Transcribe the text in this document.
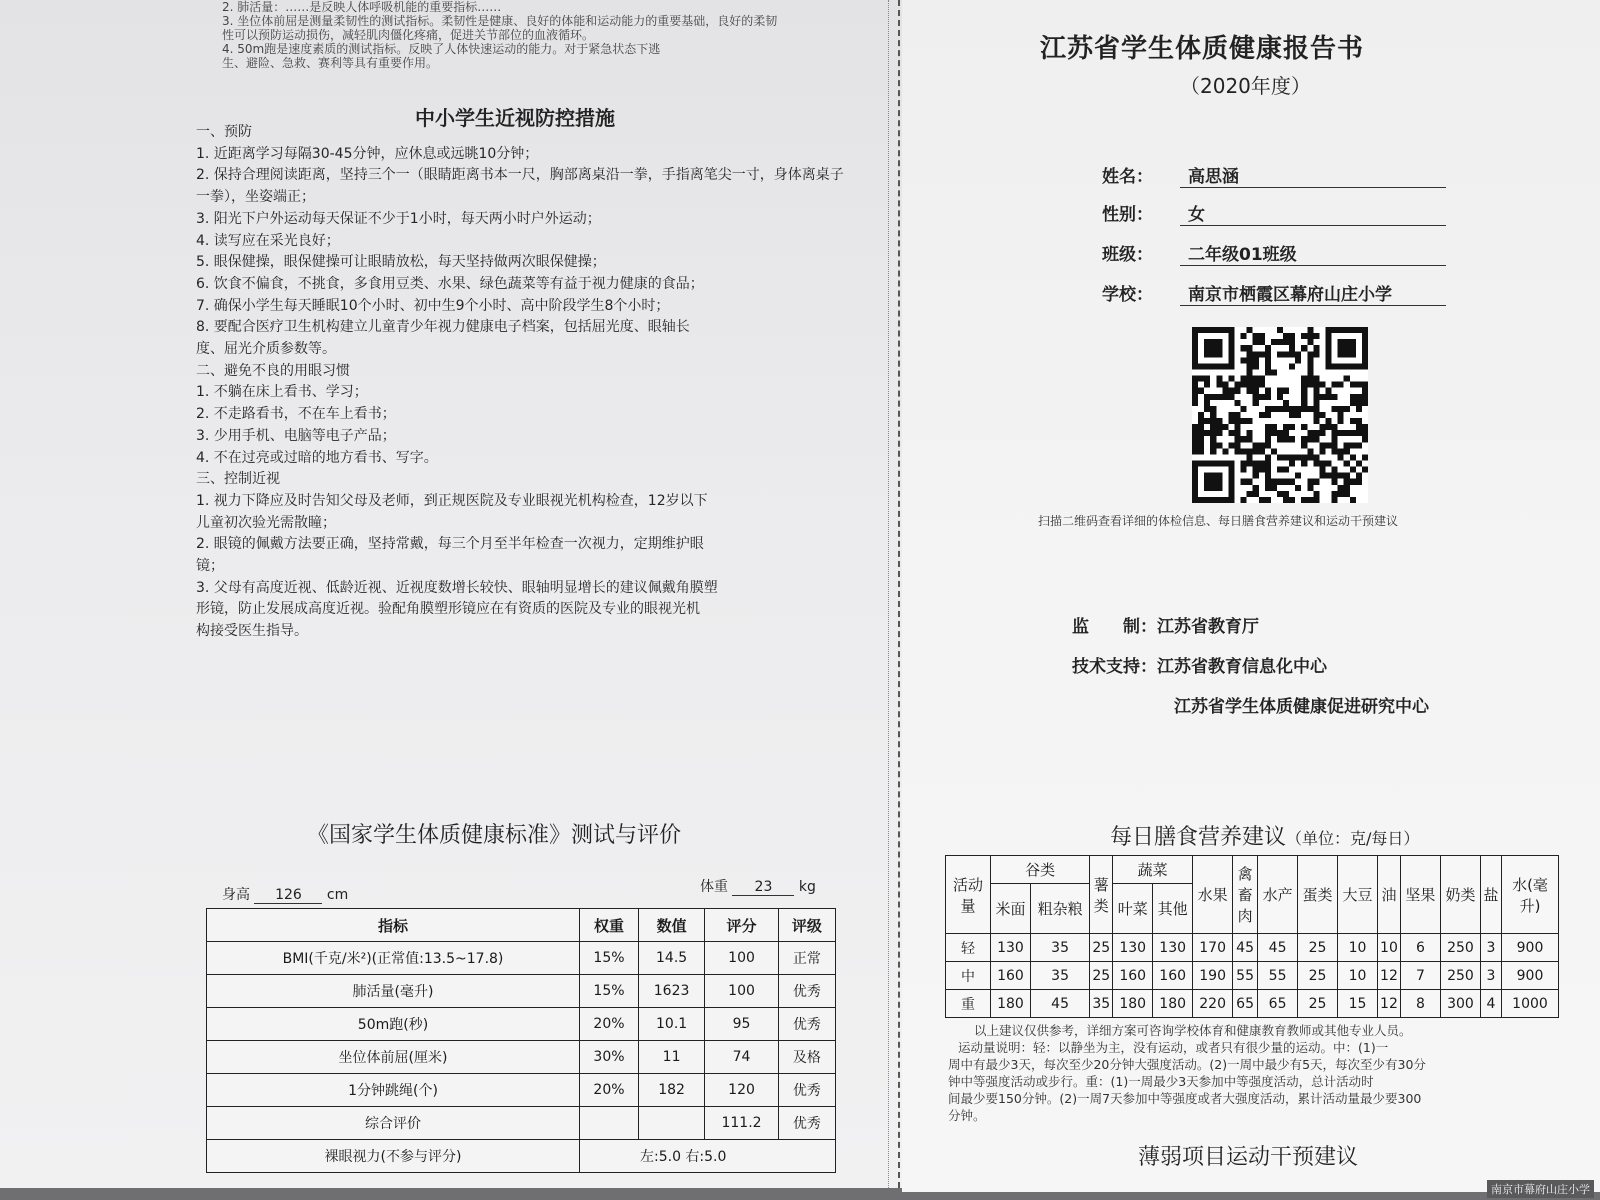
2. 肺活量：……是反映人体呼吸机能的重要指标……
3. 坐位体前屈是测量柔韧性的测试指标。柔韧性是健康、良好的体能和运动能力的重要基础，良好的柔韧
性可以预防运动损伤，减轻肌肉僵化疼痛，促进关节部位的血液循环。
4. 50m跑是速度素质的测试指标。反映了人体快速运动的能力。对于紧急状态下逃
生、避险、急救、赛利等具有重要作用。
中小学生近视防控措施
一、预防
1. 近距离学习每隔30-45分钟，应休息或远眺10分钟；
2. 保持合理阅读距离，坚持三个一（眼睛距离书本一尺，胸部离桌沿一拳，手指离笔尖一寸，身体离桌子
一拳），坐姿端正；
3. 阳光下户外运动每天保证不少于1小时，每天两小时户外运动；
4. 读写应在采光良好；
5. 眼保健操，眼保健操可让眼睛放松，每天坚持做两次眼保健操；
6. 饮食不偏食，不挑食，多食用豆类、水果、绿色蔬菜等有益于视力健康的食品；
7. 确保小学生每天睡眠10个小时、初中生9个小时、高中阶段学生8个小时；
8. 要配合医疗卫生机构建立儿童青少年视力健康电子档案，包括屈光度、眼轴长
度、屈光介质参数等。
二、避免不良的用眼习惯
1. 不躺在床上看书、学习；
2. 不走路看书，不在车上看书；
3. 少用手机、电脑等电子产品；
4. 不在过亮或过暗的地方看书、写字。
三、控制近视
1. 视力下降应及时告知父母及老师，到正规医院及专业眼视光机构检查，12岁以下
儿童初次验光需散瞳；
2. 眼镜的佩戴方法要正确，坚持常戴，每三个月至半年检查一次视力，定期维护眼
镜；
3. 父母有高度近视、低龄近视、近视度数增长较快、眼轴明显增长的建议佩戴角膜塑
形镜，防止发展成高度近视。验配角膜塑形镜应在有资质的医院及专业的眼视光机
构接受医生指导。
《国家学生体质健康标准》测试与评价
身高 126 cm	体重 23 kg
指标	权重	数值	评分	评级
BMI(千克/米²)(正常值:13.5~17.8)	15%	14.5	100	正常
肺活量(毫升)	15%	1623	100	优秀
50m跑(秒)	20%	10.1	95	优秀
坐位体前屈(厘米)	30%	11	74	及格
1分钟跳绳(个)	20%	182	120	优秀
综合评价			111.2	优秀
裸眼视力(不参与评分)	左:5.0 右:5.0			
江苏省学生体质健康报告书
（2020年度）
姓名： 高思涵
性别： 女
班级： 二年级01班级
学校： 南京市栖霞区幕府山庄小学
扫描二维码查看详细的体检信息、每日膳食营养建议和运动干预建议
监　　制：江苏省教育厅
技术支持：江苏省教育信息化中心
江苏省学生体质健康促进研究中心
每日膳食营养建议（单位：克/每日）
活动量	谷类		薯类	蔬菜		水果	禽畜肉	水产	蛋类	大豆	油	坚果	奶类	盐	水(毫升)
	米面	粗杂粮		叶菜	其他										
轻	130	35	25	130	130	170	45	45	25	10	10	6	250	3	900
中	160	35	25	160	160	190	55	55	25	10	12	7	250	3	900
重	180	45	35	180	180	220	65	65	25	15	12	8	300	4	1000
以上建议仅供参考，详细方案可咨询学校体育和健康教育教师或其他专业人员。
运动量说明：轻：以静坐为主，没有运动，或者只有很少量的运动。中：(1)一
周中有最少3天，每次至少20分钟大强度活动。(2)一周中最少有5天，每次至少有30分
钟中等强度活动或步行。重：(1)一周最少3天参加中等强度活动，总计活动时
间最少要150分钟。(2)一周7天参加中等强度或者大强度活动，累计活动量最少要300
分钟。
薄弱项目运动干预建议
南京市幕府山庄小学
